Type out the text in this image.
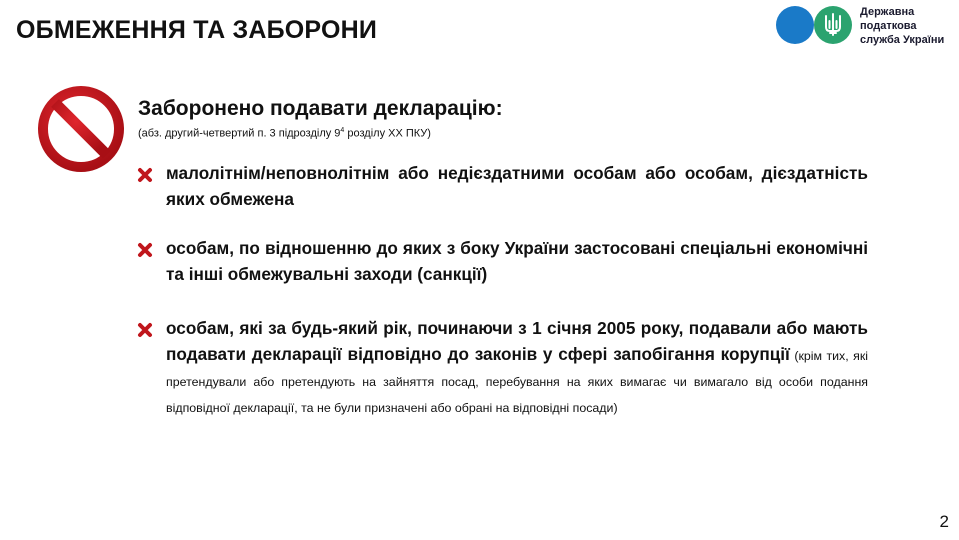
ОБМЕЖЕННЯ ТА ЗАБОРОНИ
Державна
податкова
служба України
Заборонено подавати декларацію:
(абз. другий-четвертий п. 3 підрозділу $9^4$ розділу XX ПКУ)
малолітнім/неповнолітнім або недієздатними особам або особам, дієздатність яких обмежена
особам, по відношенню до яких з боку України застосовані спеціальні економічні та інші обмежувальні заходи (санкції)
особам, які за будь-який рік, починаючи з 1 січня 2005 року, подавали або мають подавати декларації відповідно до законів у сфері запобігання корупції (крім тих, які претендували або претендують на зайняття посад, перебування на яких вимагає чи вимагало від особи подання відповідної декларації, та не були призначені або обрані на відповідні посади)
2
